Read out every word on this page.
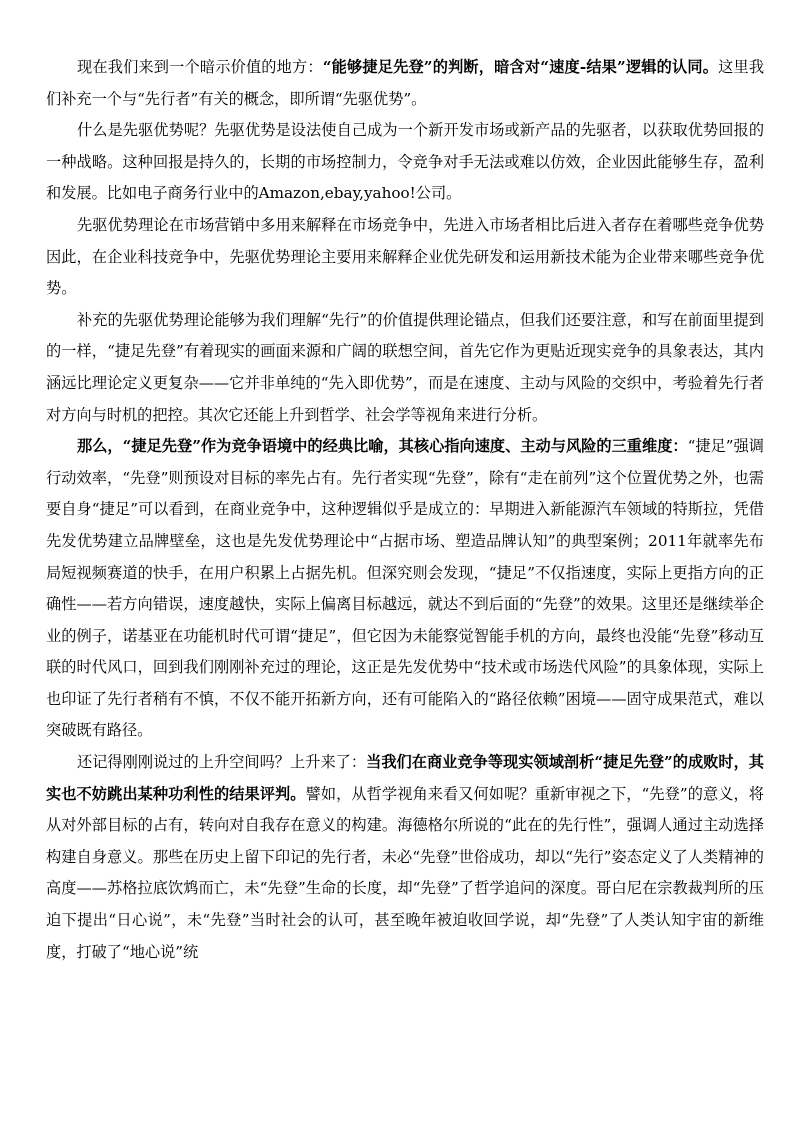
现在我们来到一个暗示价值的地方：“能够捷足先登”的判断，暗含对“速度-结果”逻辑的认同。这里我们补充一个与“先行者”有关的概念，即所谓“先驱优势”。

什么是先驱优势呢？先驱优势是设法使自己成为一个新开发市场或新产品的先驱者，以获取优势回报的一种战略。这种回报是持久的，长期的市场控制力，令竞争对手无法或难以仿效，企业因此能够生存，盈利和发展。比如电子商务行业中的Amazon,ebay,yahoo!公司。

先驱优势理论在市场营销中多用来解释在市场竞争中，先进入市场者相比后进入者存在着哪些竞争优势因此，在企业科技竞争中，先驱优势理论主要用来解释企业优先研发和运用新技术能为企业带来哪些竞争优势。

补充的先驱优势理论能够为我们理解“先行”的价值提供理论锚点，但我们还要注意，和写在前面里提到的一样，“捷足先登”有着现实的画面来源和广阔的联想空间，首先它作为更贴近现实竞争的具象表达，其内涵远比理论定义更复杂——它并非单纯的“先入即优势”，而是在速度、主动与风险的交织中，考验着先行者对方向与时机的把控。其次它还能上升到哲学、社会学等视角来进行分析。

那么，“捷足先登”作为竞争语境中的经典比喻，其核心指向速度、主动与风险的三重维度：“捷足”强调行动效率，“先登”则预设对目标的率先占有。先行者实现“先登”，除有“走在前列”这个位置优势之外，也需要自身“捷足”可以看到，在商业竞争中，这种逻辑似乎是成立的：早期进入新能源汽车领域的特斯拉，凭借先发优势建立品牌壁垒，这也是先发优势理论中“占据市场、塑造品牌认知”的典型案例；2011年就率先布局短视频赛道的快手，在用户积累上占据先机。但深究则会发现，“捷足”不仅指速度，实际上更指方向的正确性——若方向错误，速度越快，实际上偏离目标越远，就达不到后面的“先登”的效果。这里还是继续举企业的例子，诺基亚在功能机时代可谓“捷足”，但它因为未能察觉智能手机的方向，最终也没能“先登”移动互联的时代风口，回到我们刚刚补充过的理论，这正是先发优势中“技术或市场迭代风险”的具象体现，实际上也印证了先行者稍有不慎，不仅不能开拓新方向，还有可能陷入的“路径依赖”困境——固守成果范式，难以突破既有路径。

还记得刚刚说过的上升空间吗？上升来了：当我们在商业竞争等现实领域剖析“捷足先登”的成败时，其实也不妨跳出某种功利性的结果评判。譬如，从哲学视角来看又何如呢？重新审视之下，“先登”的意义，将从对外部目标的占有，转向对自我存在意义的构建。海德格尔所说的“此在的先行性”，强调人通过主动选择构建自身意义。那些在历史上留下印记的先行者，未必“先登”世俗成功，却以“先行”姿态定义了人类精神的高度——苏格拉底饮鸩而亡，未“先登”生命的长度，却“先登”了哲学追问的深度。哥白尼在宗教裁判所的压迫下提出“日心说”，未“先登”当时社会的认可，甚至晚年被迫收回学说，却“先登”了人类认知宇宙的新维度，打破了“地心说”统
